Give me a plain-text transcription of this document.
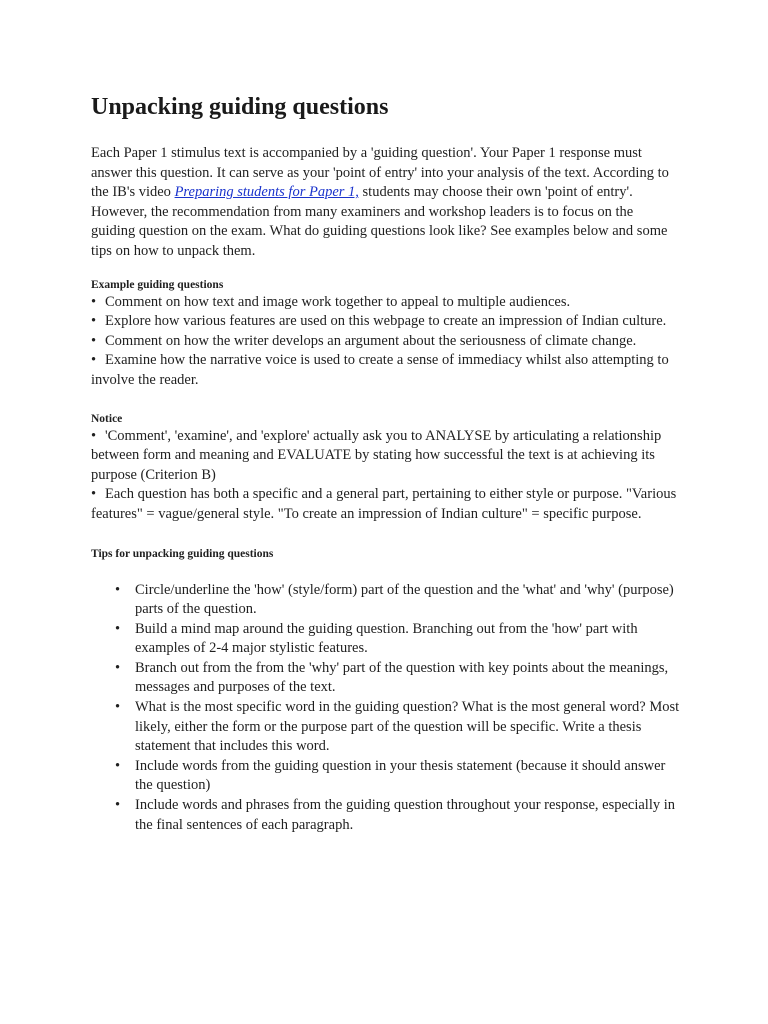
Unpacking guiding questions

Each Paper 1 stimulus text is accompanied by a 'guiding question'. Your Paper 1 response must answer this question. It can serve as your 'point of entry' into your analysis of the text. According to the IB's video Preparing students for Paper 1, students may choose their own 'point of entry'. However, the recommendation from many examiners and workshop leaders is to focus on the guiding question on the exam. What do guiding questions look like? See examples below and some tips on how to unpack them.

Example guiding questions

• Comment on how text and image work together to appeal to multiple audiences.
• Explore how various features are used on this webpage to create an impression of Indian culture.
• Comment on how the writer develops an argument about the seriousness of climate change.
• Examine how the narrative voice is used to create a sense of immediacy whilst also attempting to involve the reader.

Notice

• 'Comment', 'examine', and 'explore' actually ask you to ANALYSE by articulating a relationship between form and meaning and EVALUATE by stating how successful the text is at achieving its purpose (Criterion B)
• Each question has both a specific and a general part, pertaining to either style or purpose. "Various features" = vague/general style. "To create an impression of Indian culture" = specific purpose.

Tips for unpacking guiding questions

• Circle/underline the 'how' (style/form) part of the question and the 'what' and 'why' (purpose) parts of the question.
• Build a mind map around the guiding question. Branching out from the 'how' part with examples of 2-4 major stylistic features.
• Branch out from the from the 'why' part of the question with key points about the meanings, messages and purposes of the text.
• What is the most specific word in the guiding question? What is the most general word? Most likely, either the form or the purpose part of the question will be specific. Write a thesis statement that includes this word.
• Include words from the guiding question in your thesis statement (because it should answer the question)
• Include words and phrases from the guiding question throughout your response, especially in the final sentences of each paragraph.
